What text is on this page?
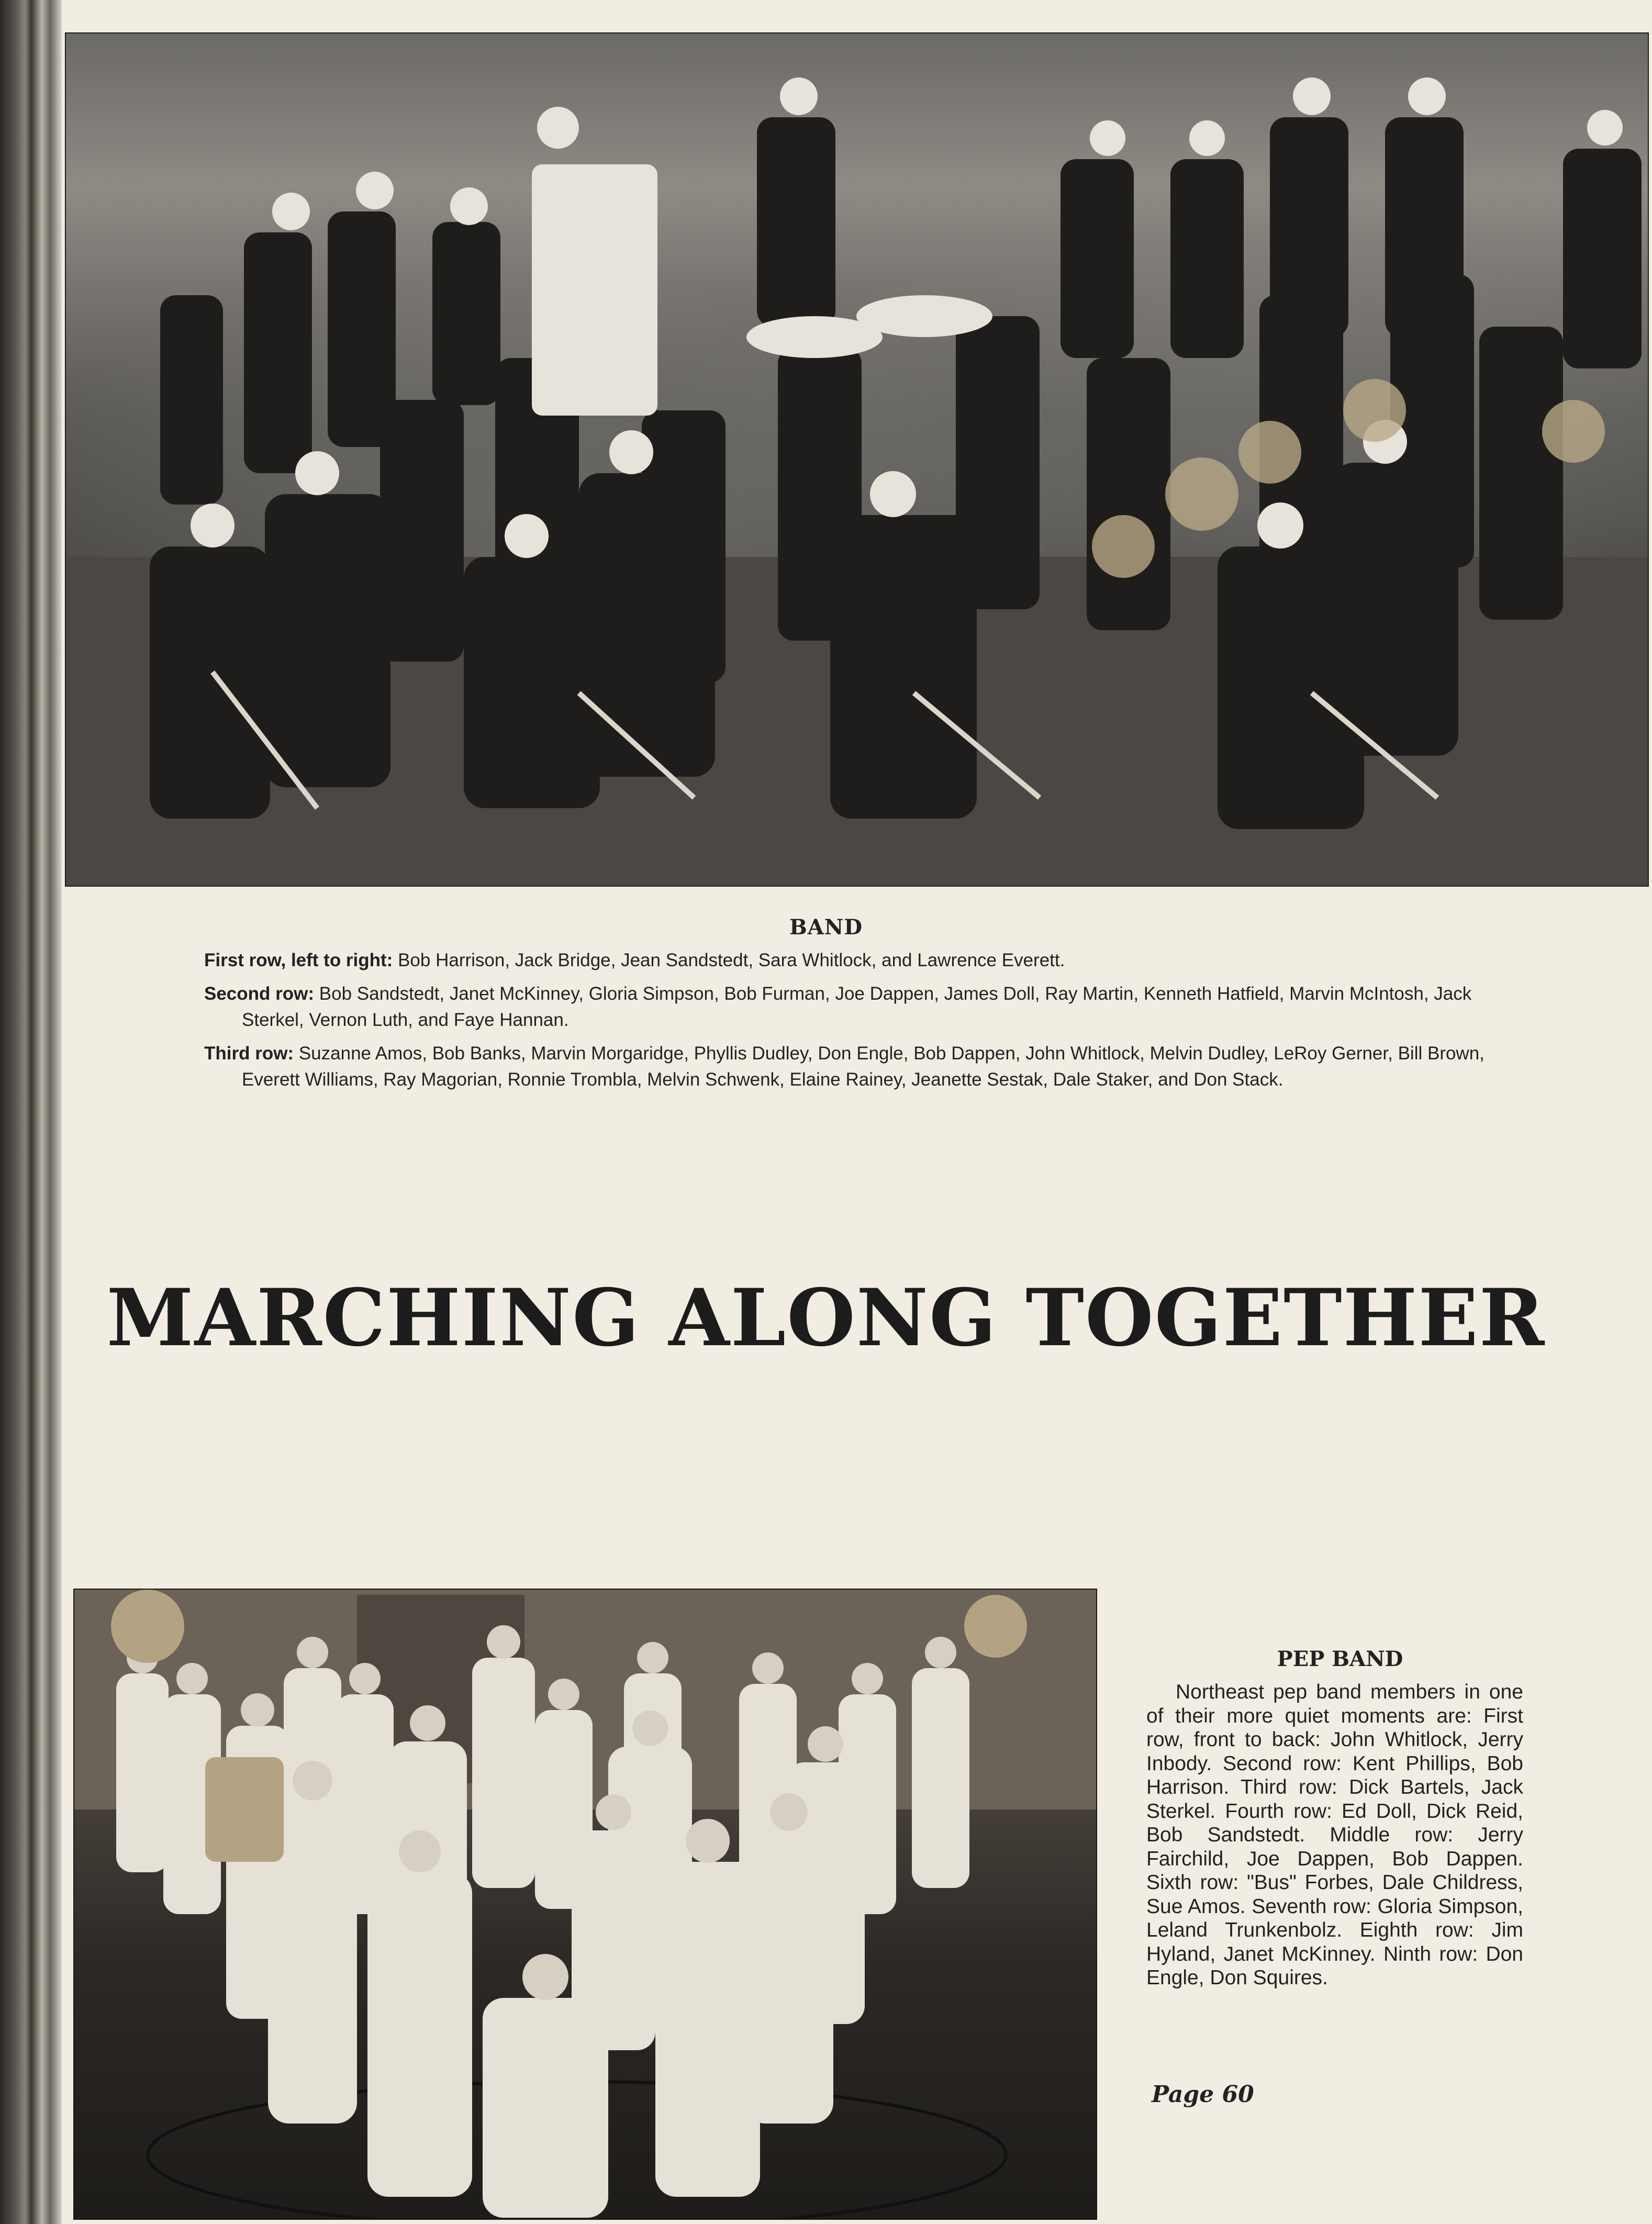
BAND

First row, left to right: Bob Harrison, Jack Bridge, Jean Sandstedt, Sara Whitlock, and Lawrence Everett.

Second row: Bob Sandstedt, Janet McKinney, Gloria Simpson, Bob Furman, Joe Dappen, James Doll, Ray Martin, Kenneth Hatfield, Marvin McIntosh, Jack Sterkel, Vernon Luth, and Faye Hannan.

Third row: Suzanne Amos, Bob Banks, Marvin Morgaridge, Phyllis Dudley, Don Engle, Bob Dappen, John Whitlock, Melvin Dudley, LeRoy Gerner, Bill Brown, Everett Williams, Ray Magorian, Ronnie Trombla, Melvin Schwenk, Elaine Rainey, Jeanette Sestak, Dale Staker, and Don Stack.

MARCHING ALONG TOGETHER
PEP BAND
Northeast pep band members in one of their more quiet moments are: First row, front to back: John Whitlock, Jerry Inbody. Second row: Kent Phillips, Bob Harrison. Third row: Dick Bartels, Jack Sterkel. Fourth row: Ed Doll, Dick Reid, Bob Sandstedt. Middle row: Jerry Fairchild, Joe Dappen, Bob Dappen. Sixth row: "Bus" Forbes, Dale Childress, Sue Amos. Seventh row: Gloria Simpson, Leland Trunkenbolz. Eighth row: Jim Hyland, Janet McKinney. Ninth row: Don Engle, Don Squires.
Page 60
